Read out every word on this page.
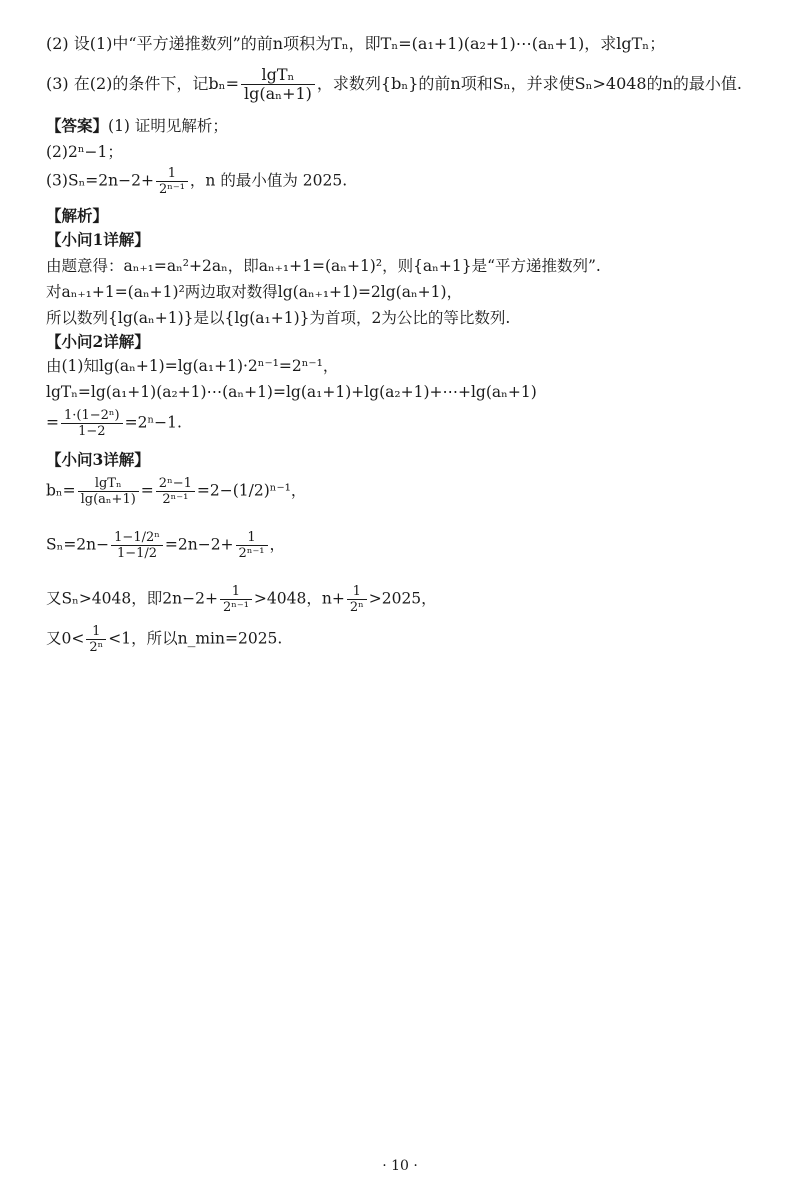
(2) 设(1)中“平方递推数列”的前n项积为Tₙ，即Tₙ=(a₁+1)(a₂+1)⋯(aₙ+1)，求lgTₙ；
(3) 在(2)的条件下，记$b_n= \frac{\text{lgTₙ}}{\text{lg(aₙ+1)}}$ ，求数列{bₙ}的前n项和Sₙ，并求使Sₙ>4048的n的最小值.
【答案】(1) 证明见解析；
(2)2ⁿ−1；
$(3)S_n=2n-2+ \frac{1}{\text{2ⁿ⁻¹}}$ ，n 的最小值为 2025.
【解析】
【小问1详解】
由题意得：aₙ₊₁=aₙ²+2aₙ，即aₙ₊₁+1=(aₙ+1)²，则{aₙ+1}是“平方递推数列”.
对aₙ₊₁+1=(aₙ+1)²两边取对数得lg(aₙ₊₁+1)=2lg(aₙ+1)，
所以数列{lg(aₙ+1)}是以{lg(a₁+1)}为首项，2为公比的等比数列.
【小问2详解】
由(1)知lg(aₙ+1)=lg(a₁+1)·2ⁿ⁻¹=2ⁿ⁻¹，
lgTₙ=lg(a₁+1)(a₂+1)⋯(aₙ+1)=lg(a₁+1)+lg(a₂+1)+⋯+lg(aₙ+1)
= $\frac{\text{1·(1−2ⁿ)}}{1-2} =2^n-1$.
【小问3详解】
$b_n= \frac{\text{lgTₙ}}{\text{lg(aₙ+1)}} = \frac{\text{2ⁿ−1}}{\text{2ⁿ⁻¹}} =2-(1/2)^{n-1}$，
$S_n=2n- \frac{\text{1−1/2ⁿ}}{1-1/2} =2n-2+ \frac{1}{\text{2ⁿ⁻¹}}$ ，
又Sₙ>4048，即$2n-2+ \frac{1}{\text{2ⁿ⁻¹}} >4048$，$n+ \frac{1}{\text{2ⁿ}} >2025$，
又$0< \frac{1}{\text{2ⁿ}} <1$，所以n_min=2025.
· 10 ·
